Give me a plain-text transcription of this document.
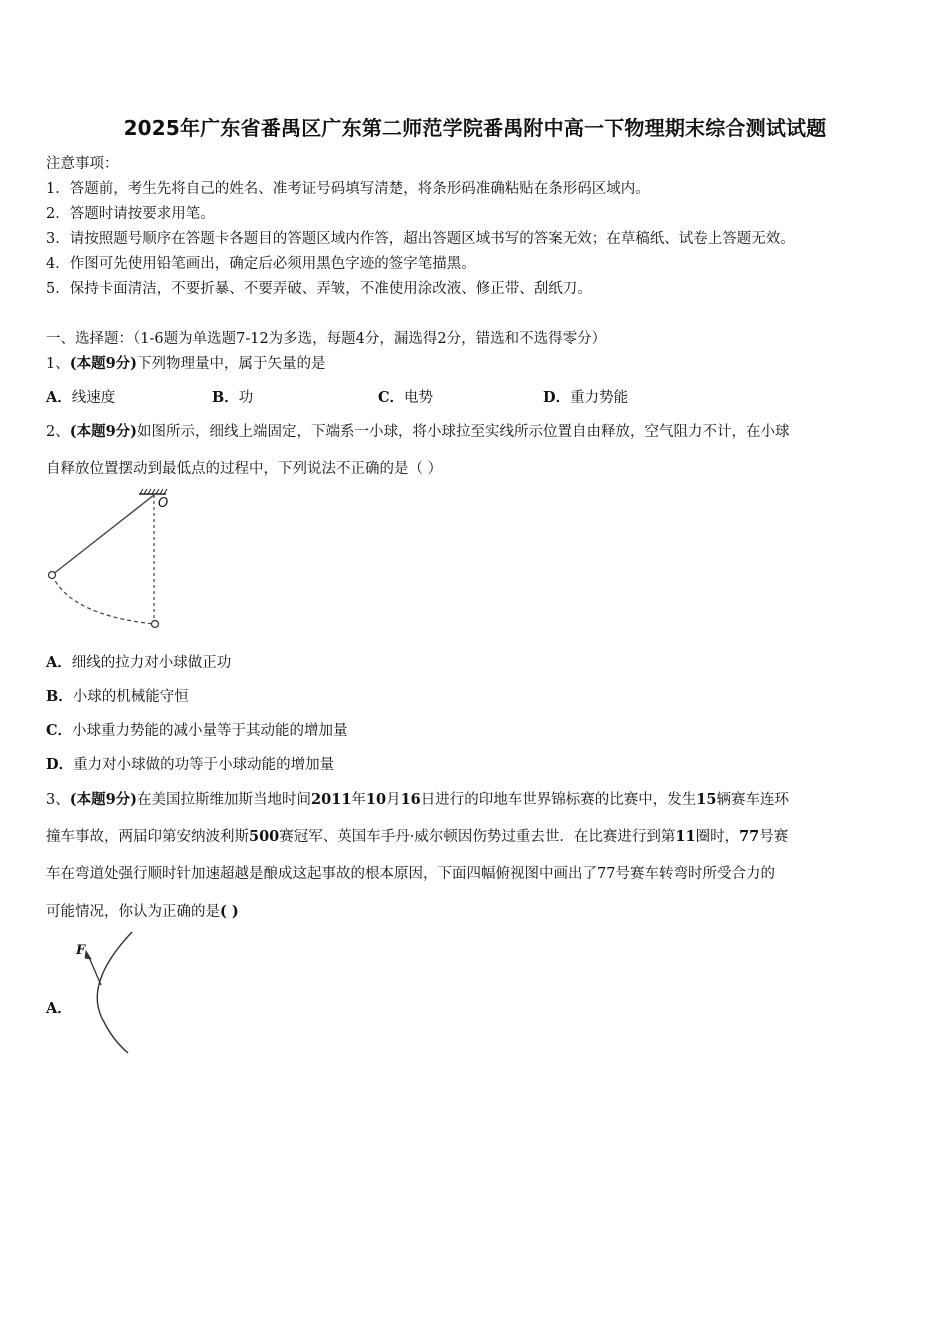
2025年广东省番禺区广东第二师范学院番禺附中高一下物理期末综合测试试题
注意事项：
1．答题前，考生先将自己的姓名、准考证号码填写清楚，将条形码准确粘贴在条形码区域内。
2．答题时请按要求用笔。
3．请按照题号顺序在答题卡各题目的答题区域内作答，超出答题区域书写的答案无效；在草稿纸、试卷上答题无效。
4．作图可先使用铅笔画出，确定后必须用黑色字迹的签字笔描黑。
5．保持卡面清洁，不要折暴、不要弄破、弄皱，不准使用涂改液、修正带、刮纸刀。
一、选择题：（1-6题为单选题7-12为多选，每题4分，漏选得2分，错选和不选得零分）
1、(本题9分)下列物理量中，属于矢量的是
A．线速度	B．功	C．电势	D．重力势能
2、(本题9分)如图所示，细线上端固定，下端系一小球，将小球拉至实线所示位置自由释放，空气阻力不计，在小球
自释放位置摆动到最低点的过程中，下列说法不正确的是（ ）
O
A．细线的拉力对小球做正功
B．小球的机械能守恒
C．小球重力势能的减小量等于其动能的增加量
D．重力对小球做的功等于小球动能的增加量
3、(本题9分)在美国拉斯维加斯当地时间2011年10月16日进行的印地车世界锦标赛的比赛中，发生15辆赛车连环
撞车事故，两届印第安纳波利斯500赛冠军、英国车手丹·威尔顿因伤势过重去世．在比赛进行到第11圈时，77号赛
车在弯道处强行顺时针加速超越是酿成这起事故的根本原因，下面四幅俯视图中画出了77号赛车转弯时所受合力的
可能情况，你认为正确的是( )
A．
F
